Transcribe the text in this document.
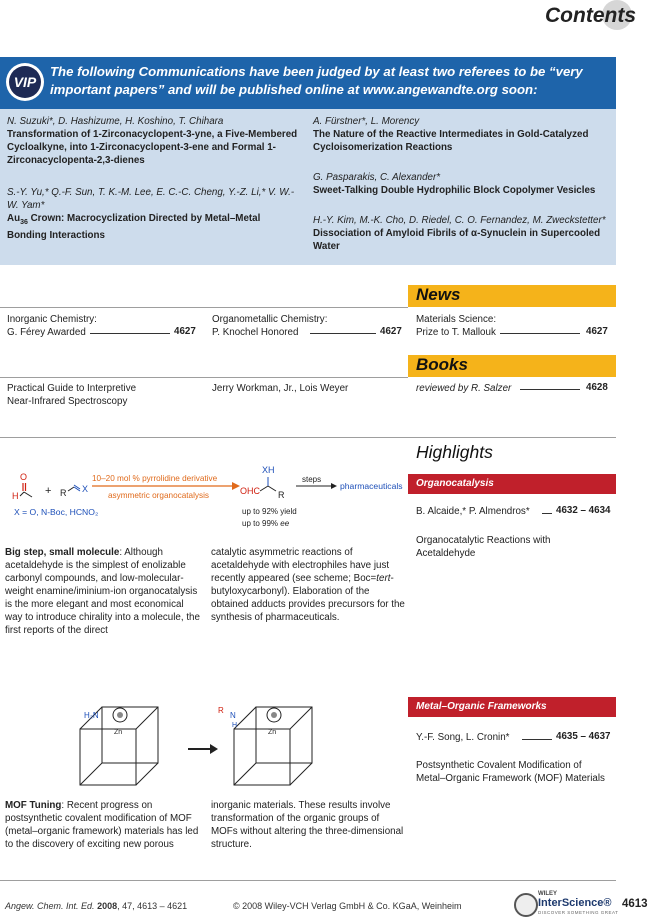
Contents
VIP
The following Communications have been judged by at least two referees to be “very important papers” and will be published online at www.angewandte.org soon:
N. Suzuki*, D. Hashizume, H. Koshino, T. Chihara
Transformation of 1-Zirconacyclopent-3-yne, a Five-Membered Cycloalkyne, into 1-Zirconacyclopent-3-ene and Formal 1-Zirconacyclopenta-2,3-dienes
A. Fürstner*, L. Morency
The Nature of the Reactive Intermediates in Gold-Catalyzed Cycloisomerization Reactions
G. Pasparakis, C. Alexander*
Sweet-Talking Double Hydrophilic Block Copolymer Vesicles
S.-Y. Yu,* Q.-F. Sun, T. K.-M. Lee, E. C.-C. Cheng, Y.-Z. Li,* V. W.-W. Yam*
$Au_{36}$ Crown: Macrocyclization Directed by Metal–Metal Bonding Interactions
H.-Y. Kim, M.-K. Cho, D. Riedel, C. O. Fernandez, M. Zweckstetter*
Dissociation of Amyloid Fibrils of α-Synuclein in Supercooled Water
News
Inorganic Chemistry:
G. Férey Awarded	4627
Organometallic Chemistry:
P. Knochel Honored	4627
Materials Science:
Prize to T. Mallouk	4627
Books
Practical Guide to Interpretive
Near-Infrared Spectroscopy
Jerry Workman, Jr., Lois Weyer	reviewed by R. Salzer	4628
Highlights
O
H + R X
10–20 mol % pyrrolidine derivative
asymmetric organocatalysis	OHC
XH
R
steps
pharmaceuticals
up to 92% yield
up to 99% ee
X = O, N-Boc, HCNO₂
Organocatalysis
B. Alcaide,* P. Almendros*	4632 – 4634
Organocatalytic Reactions with Acetaldehyde
Big step, small molecule: Although acetaldehyde is the simplest of enolizable carbonyl compounds, and low-molecular-weight enamine/iminium-ion organocatalysis is the more elegant and most economical way to introduce chirality into a molecule, the first reports of the direct
catalytic asymmetric reactions of acetaldehyde with electrophiles have just recently appeared (see scheme; Boc=tert-butyloxycarbonyl). Elaboration of the obtained adducts provides precursors for the synthesis of pharmaceuticals.
H₂N
Zn
R
N
H
Zn
Metal–Organic Frameworks
Y.-F. Song, L. Cronin*	4635 – 4637
Postsynthetic Covalent Modification of Metal–Organic Framework (MOF) Materials
MOF Tuning: Recent progress on postsynthetic covalent modification of MOF (metal–organic framework) materials has led to the discovery of exciting new porous
inorganic materials. These results involve transformation of the organic groups of MOFs without altering the three-dimensional structure.
Angew. Chem. Int. Ed. 2008, 47, 4613 – 4621	© 2008 Wiley-VCH Verlag GmbH & Co. KGaA, Weinheim
WILEY
InterScience®
DISCOVER SOMETHING GREAT
4613
